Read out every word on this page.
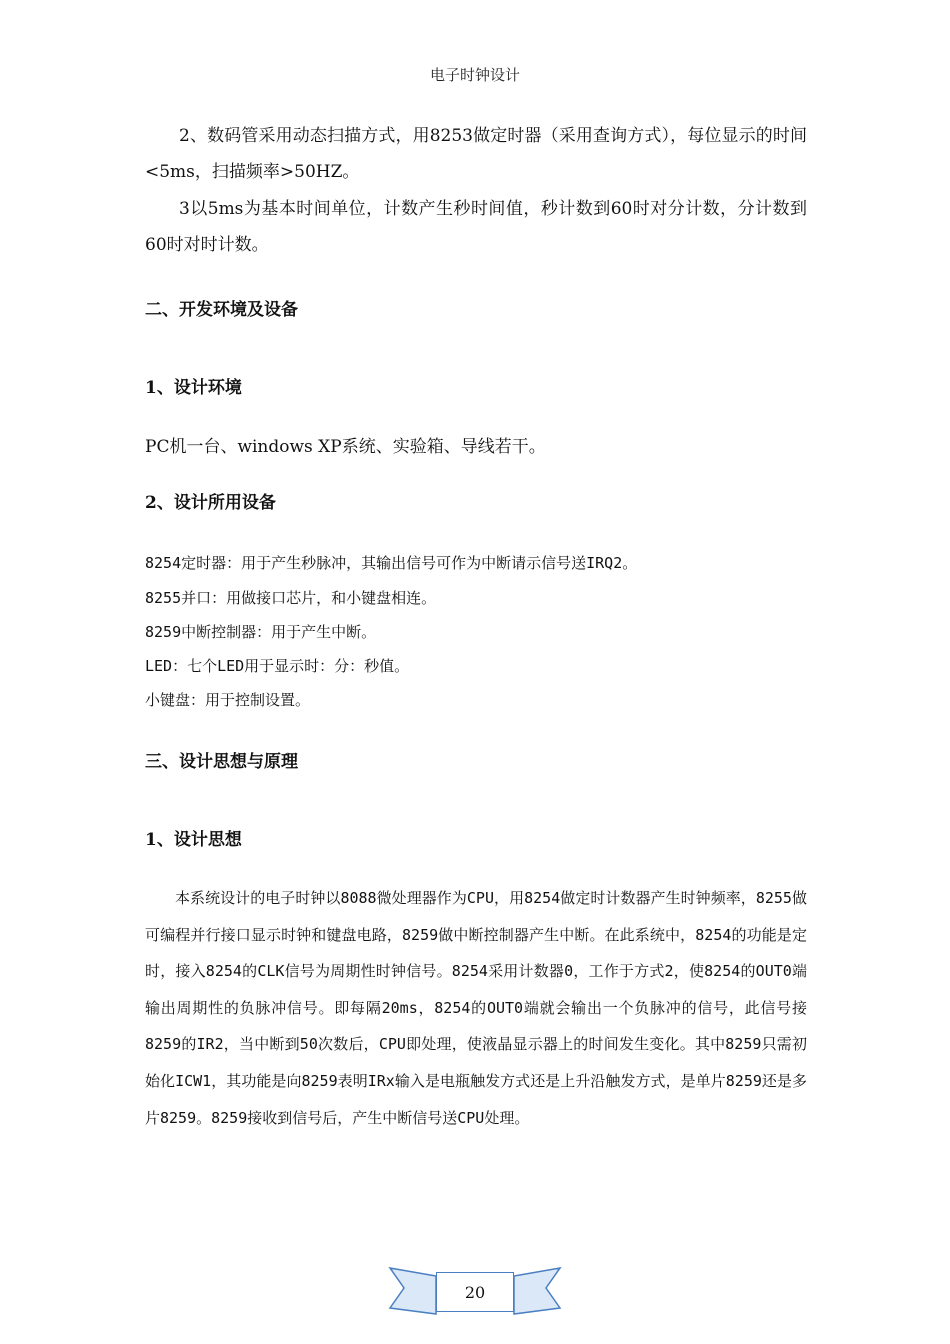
电子时钟设计

2、数码管采用动态扫描方式，用8253做定时器（采用查询方式），每位显示的时间<5ms，扫描频率>50HZ。

3以5ms为基本时间单位，计数产生秒时间值，秒计数到60时对分计数，分计数到60时对时计数。

二、开发环境及设备
1、设计环境
PC机一台、windows XP系统、实验箱、导线若干。
2、设计所用设备
8254定时器：用于产生秒脉冲，其输出信号可作为中断请示信号送IRQ2。
8255并口：用做接口芯片，和小键盘相连。
8259中断控制器：用于产生中断。
LED：七个LED用于显示时：分：秒值。
小键盘：用于控制设置。
三、设计思想与原理
1、设计思想

本系统设计的电子时钟以8088微处理器作为CPU，用8254做定时计数器产生时钟频率，8255做可编程并行接口显示时钟和键盘电路，8259做中断控制器产生中断。在此系统中，8254的功能是定时，接入8254的CLK信号为周期性时钟信号。8254采用计数器0，工作于方式2，使8254的OUT0端输出周期性的负脉冲信号。即每隔20ms，8254的OUT0端就会输出一个负脉冲的信号，此信号接8259的IR2，当中断到50次数后，CPU即处理，使液晶显示器上的时间发生变化。其中8259只需初始化ICW1，其功能是向8259表明IRx输入是电瓶触发方式还是上升沿触发方式，是单片8259还是多片8259。8259接收到信号后，产生中断信号送CPU处理。

20
